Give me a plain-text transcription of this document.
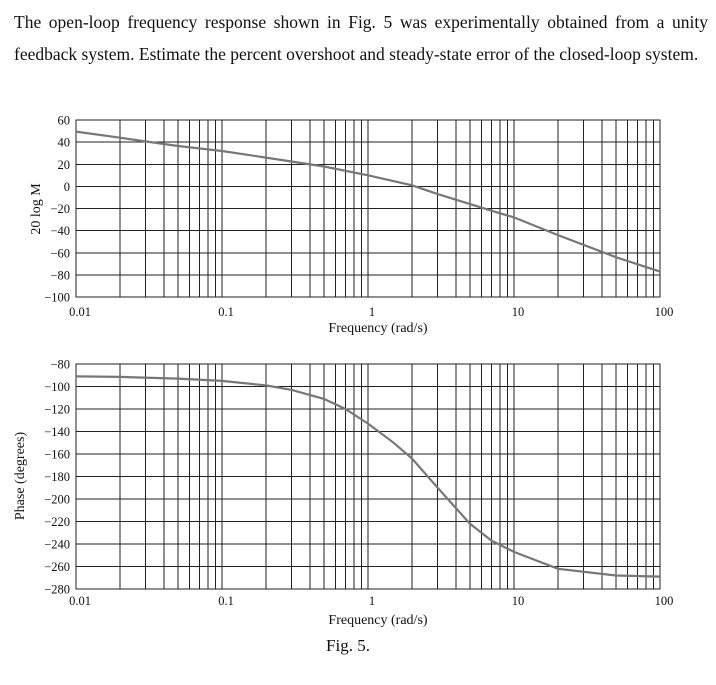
The open-loop frequency response shown in Fig. 5 was experimentally obtained from a unity feedback system. Estimate the percent overshoot and steady-state error of the closed-loop system.

60
40
20
0
−20
−40
−60
−80
−100
0.01	0.1	1	10	100
Frequency (rad/s)
20 log M
−80
−100
−120
−140
−160
−180
−200
−220
−240
−260
−280
0.01	0.1	1	10	100
Frequency (rad/s)
Phase (degrees)
Fig. 5.
